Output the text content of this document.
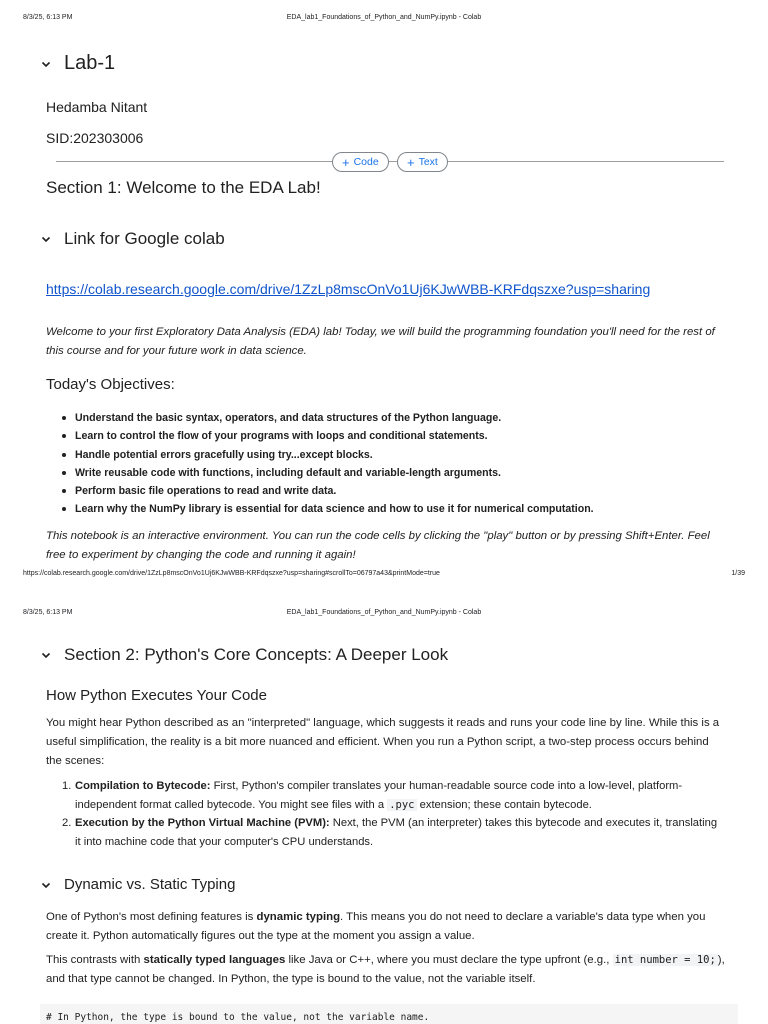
8/3/25, 6:13 PM	EDA_lab1_Foundations_of_Python_and_NumPy.ipynb - Colab
Lab-1
Hedamba Nitant
SID:202303006
+ Code + Text
Section 1: Welcome to the EDA Lab!
Link for Google colab
https://colab.research.google.com/drive/1ZzLp8mscOnVo1Uj6KJwWBB-KRFdqszxe?usp=sharing
Welcome to your first Exploratory Data Analysis (EDA) lab! Today, we will build the programming foundation you'll need for the rest of
this course and for your future work in data science.
Today's Objectives:
Understand the basic syntax, operators, and data structures of the Python language.
Learn to control the flow of your programs with loops and conditional statements.
Handle potential errors gracefully using try...except blocks.
Write reusable code with functions, including default and variable-length arguments.
Perform basic file operations to read and write data.
Learn why the NumPy library is essential for data science and how to use it for numerical computation.
This notebook is an interactive environment. You can run the code cells by clicking the "play" button or by pressing Shift+Enter. Feel
free to experiment by changing the code and running it again!
https://colab.research.google.com/drive/1ZzLp8mscOnVo1Uj6KJwWBB-KRFdqszxe?usp=sharing#scrollTo=06797a43&printMode=true	1/39
8/3/25, 6:13 PM	EDA_lab1_Foundations_of_Python_and_NumPy.ipynb - Colab
Section 2: Python's Core Concepts: A Deeper Look
How Python Executes Your Code
You might hear Python described as an "interpreted" language, which suggests it reads and runs your code line by line. While this is a
useful simplification, the reality is a bit more nuanced and efficient. When you run a Python script, a two-step process occurs behind
the scenes:
1. Compilation to Bytecode: First, Python's compiler translates your human-readable source code into a low-level, platform-
independent format called bytecode. You might see files with a .pyc extension; these contain bytecode.
2. Execution by the Python Virtual Machine (PVM): Next, the PVM (an interpreter) takes this bytecode and executes it, translating
it into machine code that your computer's CPU understands.
Dynamic vs. Static Typing
One of Python's most defining features is dynamic typing. This means you do not need to declare a variable's data type when you
create it. Python automatically figures out the type at the moment you assign a value.
This contrasts with statically typed languages like Java or C++, where you must declare the type upfront (e.g., int number = 10; ),
and that type cannot be changed. In Python, the type is bound to the value, not the variable itself.
# In Python, the type is bound to the value, not the variable name.
